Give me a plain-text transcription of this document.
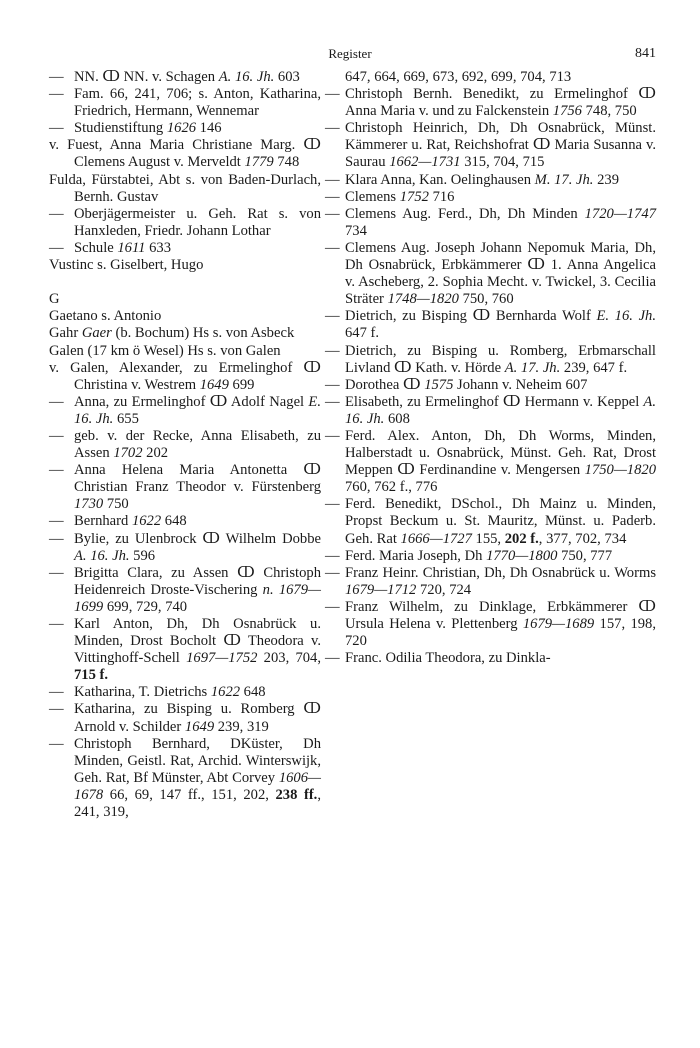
Register	841
— NN. ↀ NN. v. Schagen A. 16. Jh. 603
— Fam. 66, 241, 706; s. Anton, Katharina, Friedrich, Hermann, Wennemar
— Studienstiftung 1626 146
v. Fuest, Anna Maria Christiane Marg. ↀ Clemens August v. Merveldt 1779 748
Fulda, Fürstabtei, Abt s. von Baden-Durlach, Bernh. Gustav
— Oberjägermeister u. Geh. Rat s. von Hanxleden, Friedr. Johann Lothar
— Schule 1611 633
Vustinc s. Giselbert, Hugo
G
Gaetano s. Antonio
Gahr Gaer (b. Bochum) Hs s. von Asbeck
Galen (17 km ö Wesel) Hs s. von Galen
v. Galen, Alexander, zu Ermelinghof ↀ Christina v. Westrem 1649 699
— Anna, zu Ermelinghof ↀ Adolf Nagel E. 16. Jh. 655
— geb. v. der Recke, Anna Elisabeth, zu Assen 1702 202
— Anna Helena Maria Antonetta ↀ Christian Franz Theodor v. Fürstenberg 1730 750
— Bernhard 1622 648
— Bylie, zu Ulenbrock ↀ Wilhelm Dobbe A. 16. Jh. 596
— Brigitta Clara, zu Assen ↀ Christoph Heidenreich Droste-Vischering n. 1679—1699 699, 729, 740
— Karl Anton, Dh, Dh Osnabrück u. Minden, Drost Bocholt ↀ Theodora v. Vittinghoff-Schell 1697—1752 203, 704, 715 f.
— Katharina, T. Dietrichs 1622 648
— Katharina, zu Bisping u. Romberg ↀ Arnold v. Schilder 1649 239, 319
— Christoph Bernhard, DKüster, Dh Minden, Geistl. Rat, Archid. Winterswijk, Geh. Rat, Bf Münster, Abt Corvey 1606—1678 66, 69, 147 ff., 151, 202, 238 ff., 241, 319,
647, 664, 669, 673, 692, 699, 704, 713
— Christoph Bernh. Benedikt, zu Ermelinghof ↀ Anna Maria v. und zu Falckenstein 1756 748, 750
— Christoph Heinrich, Dh, Dh Osnabrück, Münst. Kämmerer u. Rat, Reichshofrat ↀ Maria Susanna v. Saurau 1662—1731 315, 704, 715
— Klara Anna, Kan. Oelinghausen M. 17. Jh. 239
— Clemens 1752 716
— Clemens Aug. Ferd., Dh, Dh Minden 1720—1747 734
— Clemens Aug. Joseph Johann Nepomuk Maria, Dh, Dh Osnabrück, Erbkämmerer ↀ 1. Anna Angelica v. Ascheberg, 2. Sophia Mecht. v. Twickel, 3. Cecilia Sträter 1748—1820 750, 760
— Dietrich, zu Bisping ↀ Bernharda Wolf E. 16. Jh. 647 f.
— Dietrich, zu Bisping u. Romberg, Erbmarschall Livland ↀ Kath. v. Hörde A. 17. Jh. 239, 647 f.
— Dorothea ↀ 1575 Johann v. Neheim 607
— Elisabeth, zu Ermelinghof ↀ Hermann v. Keppel A. 16. Jh. 608
— Ferd. Alex. Anton, Dh, Dh Worms, Minden, Halberstadt u. Osnabrück, Münst. Geh. Rat, Drost Meppen ↀ Ferdinandine v. Mengersen 1750—1820 760, 762 f., 776
— Ferd. Benedikt, DSchol., Dh Mainz u. Minden, Propst Beckum u. St. Mauritz, Münst. u. Paderb. Geh. Rat 1666—1727 155, 202 f., 377, 702, 734
— Ferd. Maria Joseph, Dh 1770—1800 750, 777
— Franz Heinr. Christian, Dh, Dh Osnabrück u. Worms 1679—1712 720, 724
— Franz Wilhelm, zu Dinklage, Erbkämmerer ↀ Ursula Helena v. Plettenberg 1679—1689 157, 198, 720
— Franc. Odilia Theodora, zu Dinkla-
